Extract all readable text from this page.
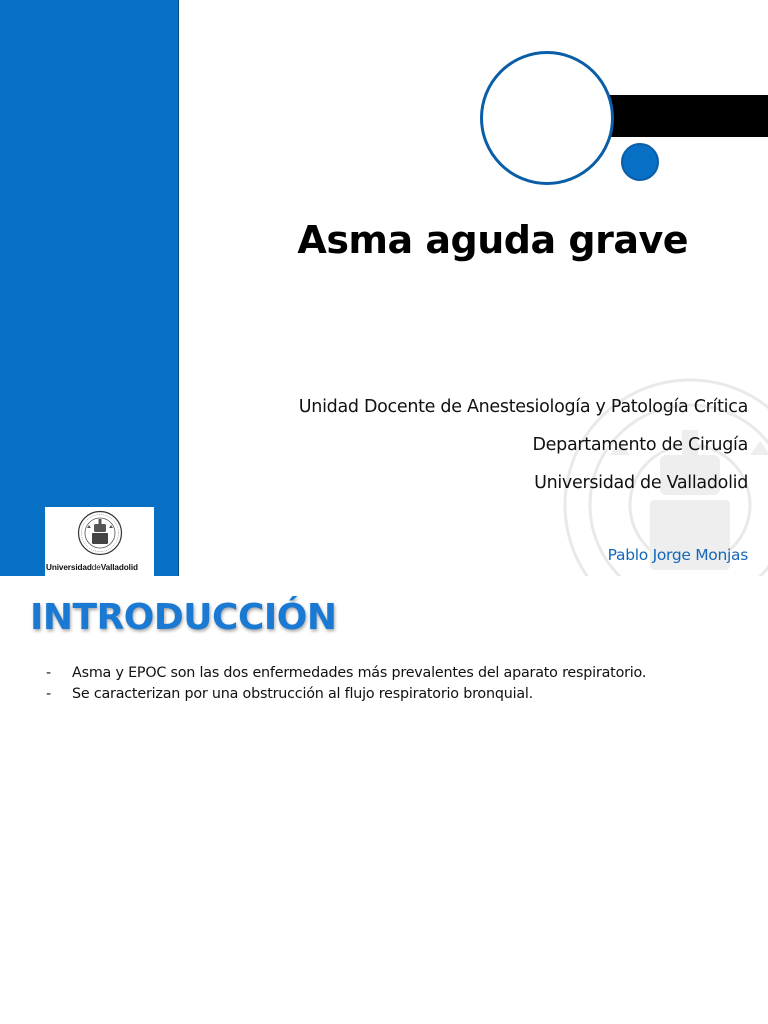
Asma aguda grave
Unidad Docente de Anestesiología y Patología Crítica
Departamento de Cirugía
Universidad de Valladolid
Pablo Jorge Monjas
UniversidaddeValladolid
INTRODUCCIÓN
- Asma y EPOC son las dos enfermedades más prevalentes del aparato respiratorio.
- Se caracterizan por una obstrucción al flujo respiratorio bronquial.
